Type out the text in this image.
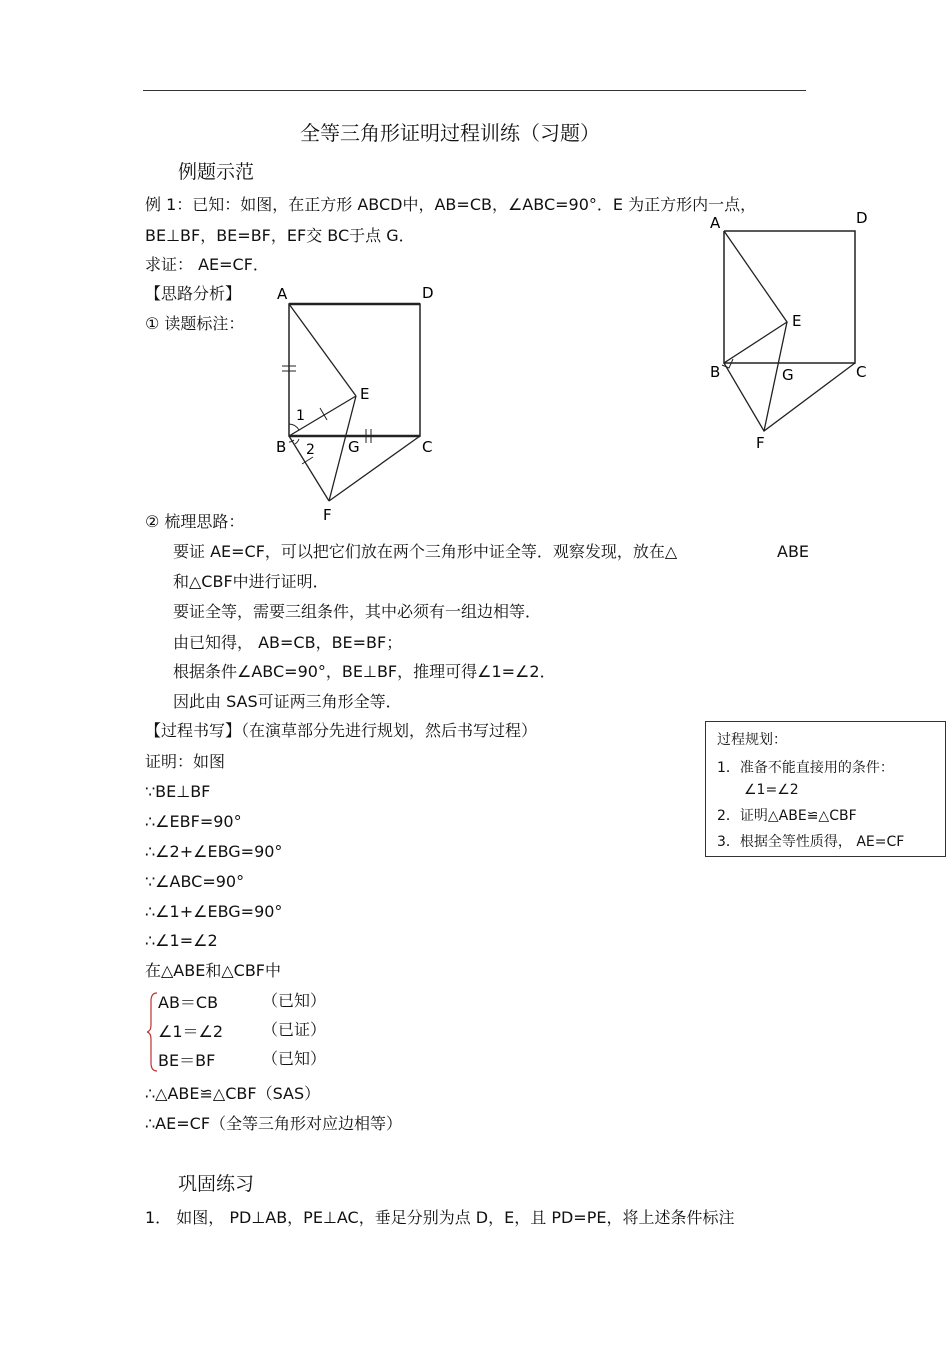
全等三角形证明过程训练（习题）
例题示范
例 1：已知：如图，在正方形 ABCD中，AB=CB，∠ABC=90°．E 为正方形内一点，
BE⊥BF，BE=BF，EF交 BC于点 G．
求证： AE=CF．
【思路分析】
① 读题标注：
A	D
E
B	G	C
F
A	D
E
1
B 2 G	C
F
② 梳理思路：
要证 AE=CF，可以把它们放在两个三角形中证全等．观察发现，放在△	ABE
和△CBF中进行证明．
要证全等，需要三组条件，其中必须有一组边相等．
由已知得， AB=CB，BE=BF；
根据条件∠ABC=90°，BE⊥BF，推理可得∠1=∠2．
因此由 SAS可证两三角形全等．
【过程书写】（在演草部分先进行规划，然后书写过程）	过程规划：
1．准备不能直接用的条件：
∠1=∠2
2．证明△ABE≌△CBF
3．根据全等性质得， AE=CF
证明：如图
∵BE⊥BF
∴∠EBF=90°
∴∠2+∠EBG=90°
∵∠ABC=90°
∴∠1+∠EBG=90°
∴∠1=∠2
在△ABE和△CBF中
AB＝CB	（已知）
∠1＝∠2 （已证）
BE＝BF	（已知）
∴△ABE≌△CBF（SAS）
∴AE=CF（全等三角形对应边相等）
巩固练习
1． 如图， PD⊥AB，PE⊥AC，垂足分别为点 D，E，且 PD=PE，将上述条件标注
